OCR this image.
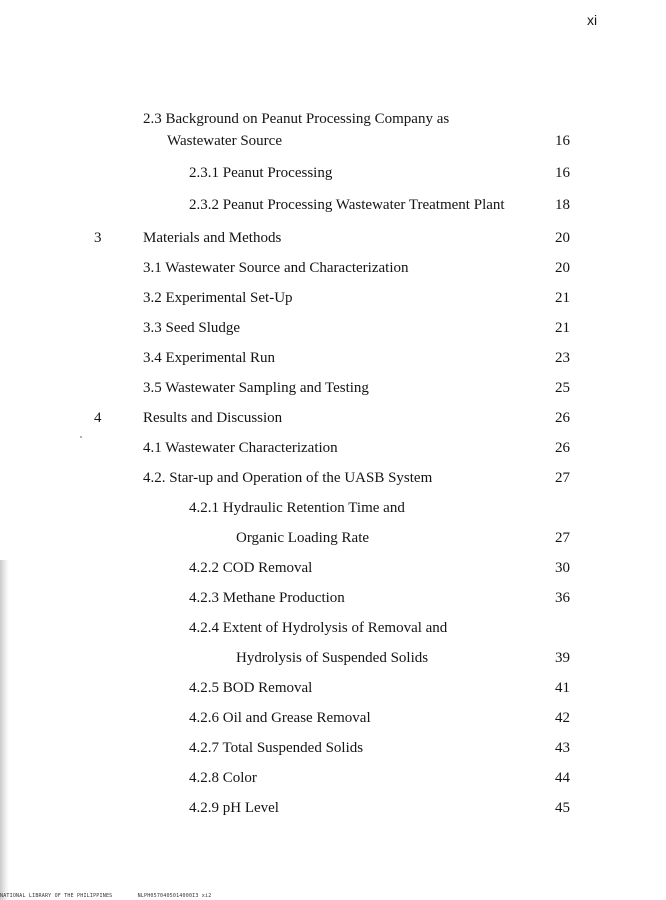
xi
2.3 Background on Peanut Processing Company as
Wastewater Source	16
2.3.1 Peanut Processing	16
2.3.2 Peanut Processing Wastewater Treatment Plant	18
3	Materials and Methods	20
3.1 Wastewater Source and Characterization	20
3.2 Experimental Set-Up	21
3.3 Seed Sludge	21
3.4 Experimental Run	23
3.5 Wastewater Sampling and Testing	25
4	Results and Discussion	26
4.1 Wastewater Characterization	26
4.2. Star-up and Operation of the UASB System	27
4.2.1 Hydraulic Retention Time and
Organic Loading Rate	27
4.2.2 COD Removal	30
4.2.3 Methane Production	36
4.2.4 Extent of Hydrolysis of Removal and
Hydrolysis of Suspended Solids	39
4.2.5 BOD Removal	41
4.2.6 Oil and Grease Removal	42
4.2.7 Total Suspended Solids	43
4.2.8 Color	44
4.2.9 pH Level	45
NATIONAL LIBRARY OF THE PHILIPPINES	NLPH0570405014000I3 xi2
